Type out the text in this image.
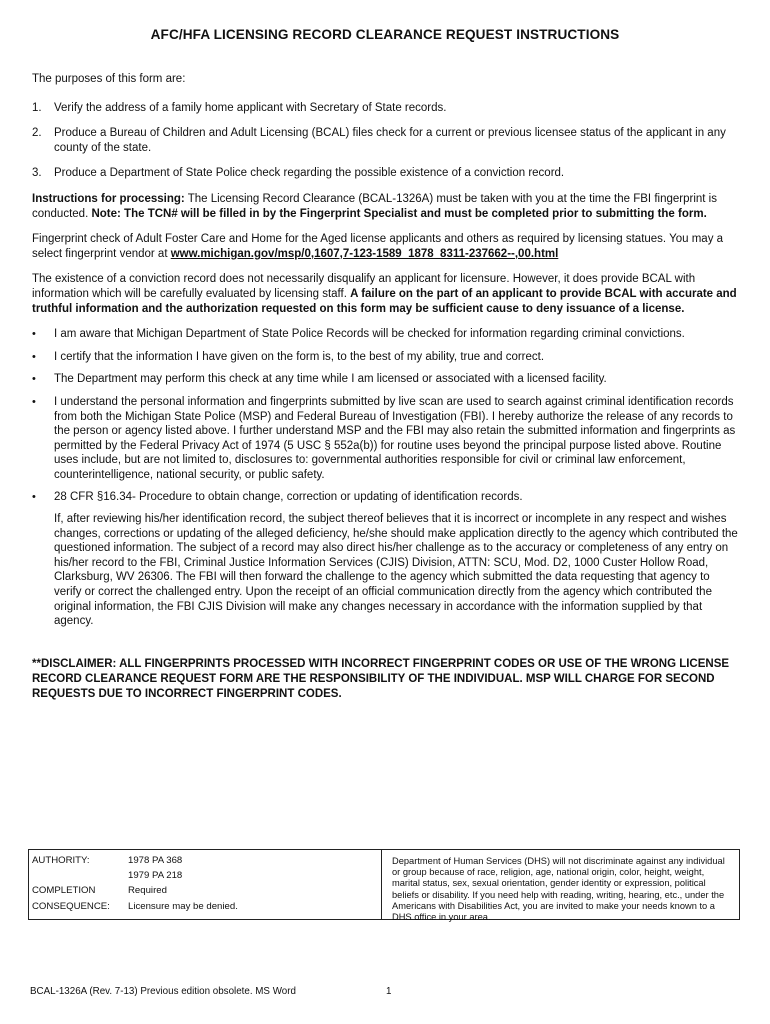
AFC/HFA LICENSING RECORD CLEARANCE REQUEST INSTRUCTIONS

The purposes of this form are:

1.	Verify the address of a family home applicant with Secretary of State records.
2.	Produce a Bureau of Children and Adult Licensing (BCAL) files check for a current or previous licensee status of the applicant in any county of the state.
3.	Produce a Department of State Police check regarding the possible existence of a conviction record.

Instructions for processing: The Licensing Record Clearance (BCAL-1326A) must be taken with you at the time the FBI fingerprint is conducted. Note: The TCN# will be filled in by the Fingerprint Specialist and must be completed prior to submitting the form.

Fingerprint check of Adult Foster Care and Home for the Aged license applicants and others as required by licensing statues. You may a select fingerprint vendor at www.michigan.gov/msp/0,1607,7-123-1589_1878_8311-237662--,00.html

The existence of a conviction record does not necessarily disqualify an applicant for licensure. However, it does provide BCAL with information which will be carefully evaluated by licensing staff. A failure on the part of an applicant to provide BCAL with accurate and truthful information and the authorization requested on this form may be sufficient cause to deny issuance of a license.

•	I am aware that Michigan Department of State Police Records will be checked for information regarding criminal convictions.
•	I certify that the information I have given on the form is, to the best of my ability, true and correct.
•	The Department may perform this check at any time while I am licensed or associated with a licensed facility.
•	I understand the personal information and fingerprints submitted by live scan are used to search against criminal identification records from both the Michigan State Police (MSP) and Federal Bureau of Investigation (FBI). I hereby authorize the release of any records to the person or agency listed above. I further understand MSP and the FBI may also retain the submitted information and fingerprints as permitted by the Federal Privacy Act of 1974 (5 USC § 552a(b)) for routine uses beyond the principal purpose listed above. Routine uses include, but are not limited to, disclosures to: governmental authorities responsible for civil or criminal law enforcement, counterintelligence, national security, or public safety.
•	28 CFR §16.34- Procedure to obtain change, correction or updating of identification records.

If, after reviewing his/her identification record, the subject thereof believes that it is incorrect or incomplete in any respect and wishes changes, corrections or updating of the alleged deficiency, he/she should make application directly to the agency which contributed the questioned information. The subject of a record may also direct his/her challenge as to the accuracy or completeness of any entry on his/her record to the FBI, Criminal Justice Information Services (CJIS) Division, ATTN: SCU, Mod. D2, 1000 Custer Hollow Road, Clarksburg, WV 26306. The FBI will then forward the challenge to the agency which submitted the data requesting that agency to verify or correct the challenged entry. Upon the receipt of an official communication directly from the agency which contributed the original information, the FBI CJIS Division will make any changes necessary in accordance with the information supplied by that agency.

**DISCLAIMER: ALL FINGERPRINTS PROCESSED WITH INCORRECT FINGERPRINT CODES OR USE OF THE WRONG LICENSE RECORD CLEARANCE REQUEST FORM ARE THE RESPONSIBILITY OF THE INDIVIDUAL. MSP WILL CHARGE FOR SECOND REQUESTS DUE TO INCORRECT FINGERPRINT CODES.

AUTHORITY:	1978 PA 368
1979 PA 218
COMPLETION	Required
CONSEQUENCE: Licensure may be denied.
Department of Human Services (DHS) will not discriminate against any individual or group because of race, religion, age, national origin, color, height, weight, marital status, sex, sexual orientation, gender identity or expression, political beliefs or disability. If you need help with reading, writing, hearing, etc., under the Americans with Disabilities Act, you are invited to make your needs known to a DHS office in your area.
BCAL-1326A (Rev. 7-13) Previous edition obsolete. MS Word	1
